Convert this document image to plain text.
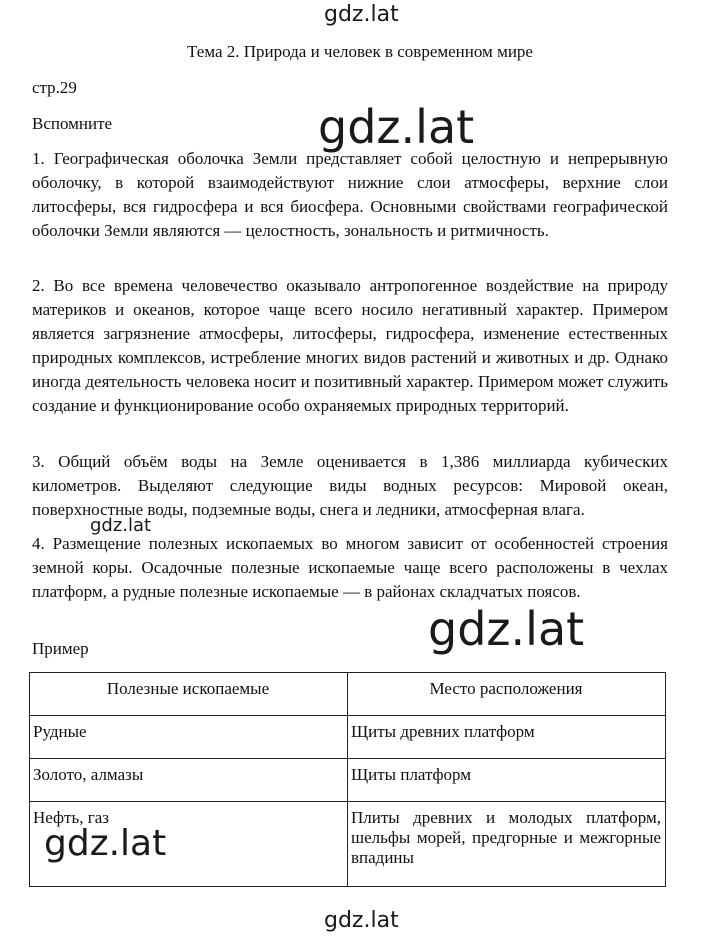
gdz.lat
Тема 2. Природа и человек в современном мире
стр.29
Вспомните

1. Географическая оболочка Земли представляет собой целостную и непрерывную оболочку, в которой взаимодействуют нижние слои атмосферы, верхние слои литосферы, вся гидросфера и вся биосфера. Основными свойствами географической оболочки Земли являются — целостность, зональность и ритмичность.

2. Во все времена человечество оказывало антропогенное воздействие на природу материков и океанов, которое чаще всего носило негативный характер. Примером является загрязнение атмосферы, литосферы, гидросфера, изменение естественных природных комплексов, истребление многих видов растений и животных и др. Однако иногда деятельность человека носит и позитивный характер. Примером может служить создание и функционирование особо охраняемых природных территорий.

3. Общий объём воды на Земле оценивается в 1,386 миллиарда кубических километров. Выделяют следующие виды водных ресурсов: Мировой океан, поверхностные воды, подземные воды, снега и ледники, атмосферная влага.

4. Размещение полезных ископаемых во многом зависит от особенностей строения земной коры. Осадочные полезные ископаемые чаще всего расположены в чехлах платформ, а рудные полезные ископаемые — в районах складчатых поясов.

Пример
Полезные ископаемые	Место расположения
Рудные	Щиты древних платформ
Золото, алмазы	Щиты платформ
Нефть, газ	Плиты древних и молодых платформ, шельфы морей, предгорные и межгорные впадины
gdz.lat
gdz.lat
gdz.lat
gdz.lat
gdz.lat
